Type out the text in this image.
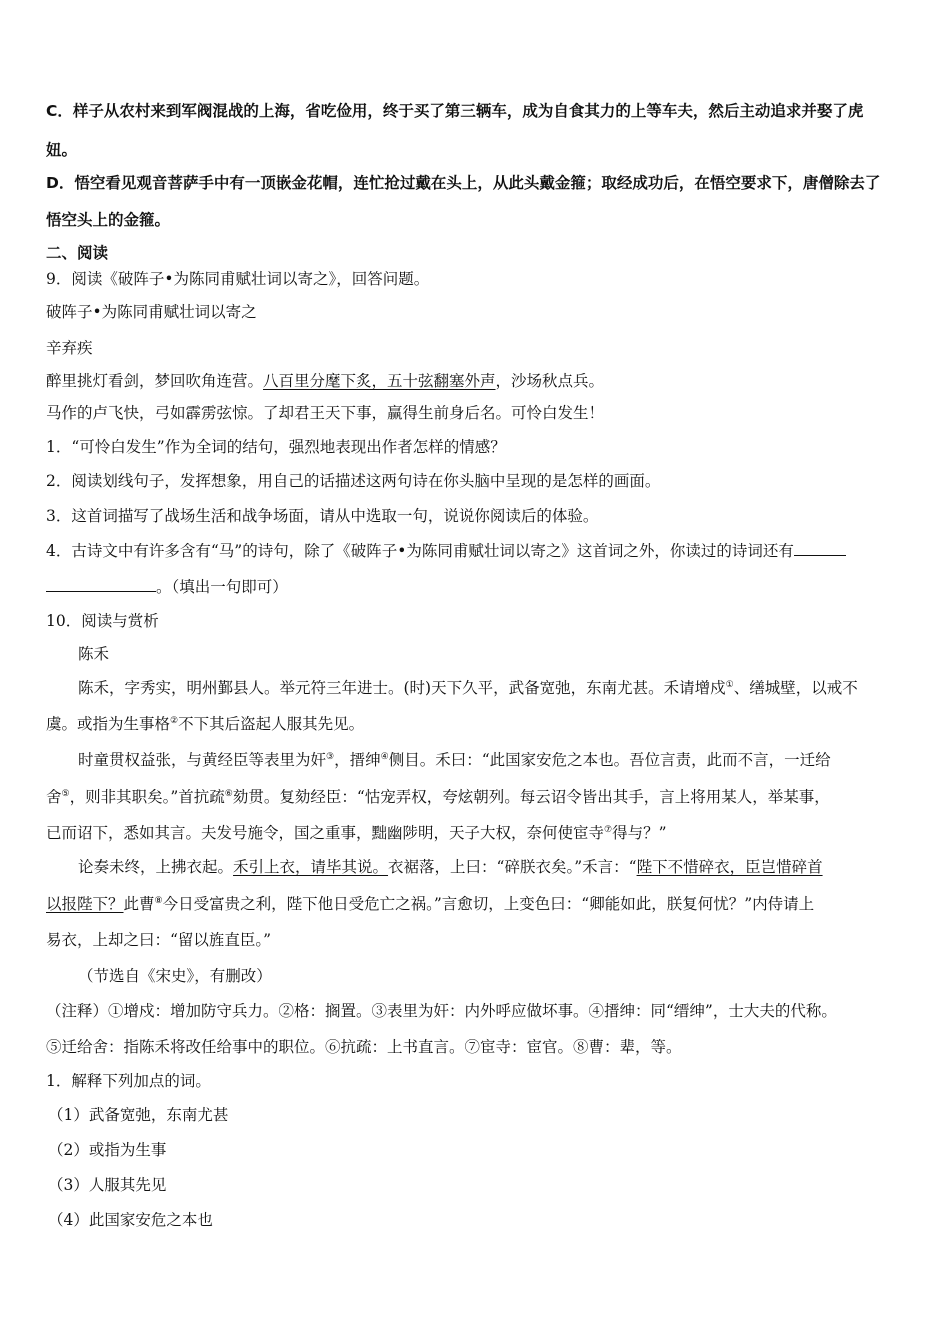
C．样子从农村来到军阀混战的上海，省吃俭用，终于买了第三辆车，成为自食其力的上等车夫，然后主动追求并娶了虎
妞。
D．悟空看见观音菩萨手中有一顶嵌金花帽，连忙抢过戴在头上，从此头戴金箍；取经成功后，在悟空要求下，唐僧除去了
悟空头上的金箍。
二、阅读
9．阅读《破阵子•为陈同甫赋壮词以寄之》，回答问题。
破阵子•为陈同甫赋壮词以寄之
辛弃疾
醉里挑灯看剑，梦回吹角连营。八百里分麾下炙，五十弦翻塞外声，沙场秋点兵。
马作的卢飞快，弓如霹雳弦惊。了却君王天下事，赢得生前身后名。可怜白发生！
1．“可怜白发生”作为全词的结句，强烈地表现出作者怎样的情感？
2．阅读划线句子，发挥想象，用自己的话描述这两句诗在你头脑中呈现的是怎样的画面。
3．这首词描写了战场生活和战争场面，请从中选取一句，说说你阅读后的体验。
4．古诗文中有许多含有“马”的诗句，除了《破阵子•为陈同甫赋壮词以寄之》这首词之外，你读过的诗词还有
。（填出一句即可）
10．阅读与赏析
陈禾
陈禾，字秀实，明州鄞县人。举元符三年进士。(时)天下久平，武备宽弛，东南尤甚。禾请增戍①、缮城壁，以戒不
虞。或指为生事格②不下其后盗起人服其先见。
时童贯权益张，与黄经臣等表里为奸③，搢绅④侧目。禾曰：“此国家安危之本也。吾位言责，此而不言，一迁给
舍⑤，则非其职矣。”首抗疏⑥劾贯。复劾经臣：“怙宠弄权，夸炫朝列。每云诏令皆出其手，言上将用某人，举某事，
已而诏下，悉如其言。夫发号施令，国之重事，黜幽陟明，天子大权，奈何使宦寺⑦得与？”
论奏未终，上拂衣起。禾引上衣，请毕其说。衣裾落，上曰：“碎朕衣矣。”禾言：“陛下不惜碎衣，臣岂惜碎首
以报陛下？此曹⑧今日受富贵之利，陛下他日受危亡之祸。”言愈切，上变色曰：“卿能如此，朕复何忧？”内侍请上
易衣，上却之曰：“留以旌直臣。”
（节选自《宋史》，有删改）
（注释）①增戍：增加防守兵力。②格：搁置。③表里为奸：内外呼应做坏事。④搢绅：同“缙绅”，士大夫的代称。
⑤迁给舍：指陈禾将改任给事中的职位。⑥抗疏：上书直言。⑦宦寺：宦官。⑧曹：辈，等。
1．解释下列加点的词。
（1）武备宽弛，东南尤甚
（2）或指为生事
（3）人服其先见
（4）此国家安危之本也
